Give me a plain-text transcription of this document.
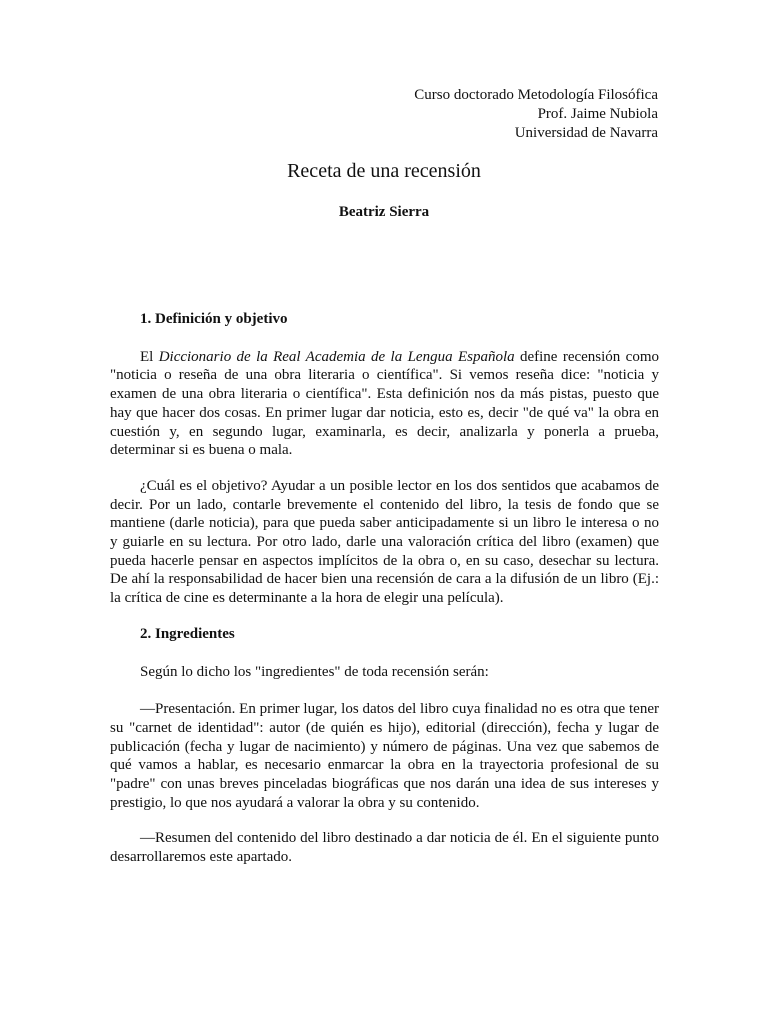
Curso doctorado Metodología Filosófica
Prof. Jaime Nubiola
Universidad de Navarra
Receta de una recensión
Beatriz Sierra

1. Definición y objetivo

El Diccionario de la Real Academia de la Lengua Española define recensión como "noticia o reseña de una obra literaria o científica". Si vemos reseña dice: "noticia y examen de una obra literaria o científica". Esta definición nos da más pistas, puesto que hay que hacer dos cosas. En primer lugar dar noticia, esto es, decir "de qué va" la obra en cuestión y, en segundo lugar, examinarla, es decir, analizarla y ponerla a prueba, determinar si es buena o mala.

¿Cuál es el objetivo? Ayudar a un posible lector en los dos sentidos que acabamos de decir. Por un lado, contarle brevemente el contenido del libro, la tesis de fondo que se mantiene (darle noticia), para que pueda saber anticipadamente si un libro le interesa o no y guiarle en su lectura. Por otro lado, darle una valoración crítica del libro (examen) que pueda hacerle pensar en aspectos implícitos de la obra o, en su caso, desechar su lectura. De ahí la responsabilidad de hacer bien una recensión de cara a la difusión de un libro (Ej.: la crítica de cine es determinante a la hora de elegir una película).

2. Ingredientes

Según lo dicho los "ingredientes" de toda recensión serán:

—Presentación. En primer lugar, los datos del libro cuya finalidad no es otra que tener su "carnet de identidad": autor (de quién es hijo), editorial (dirección), fecha y lugar de publicación (fecha y lugar de nacimiento) y número de páginas. Una vez que sabemos de qué vamos a hablar, es necesario enmarcar la obra en la trayectoria profesional de su "padre" con unas breves pinceladas biográficas que nos darán una idea de sus intereses y prestigio, lo que nos ayudará a valorar la obra y su contenido.

—Resumen del contenido del libro destinado a dar noticia de él. En el siguiente punto desarrollaremos este apartado.
